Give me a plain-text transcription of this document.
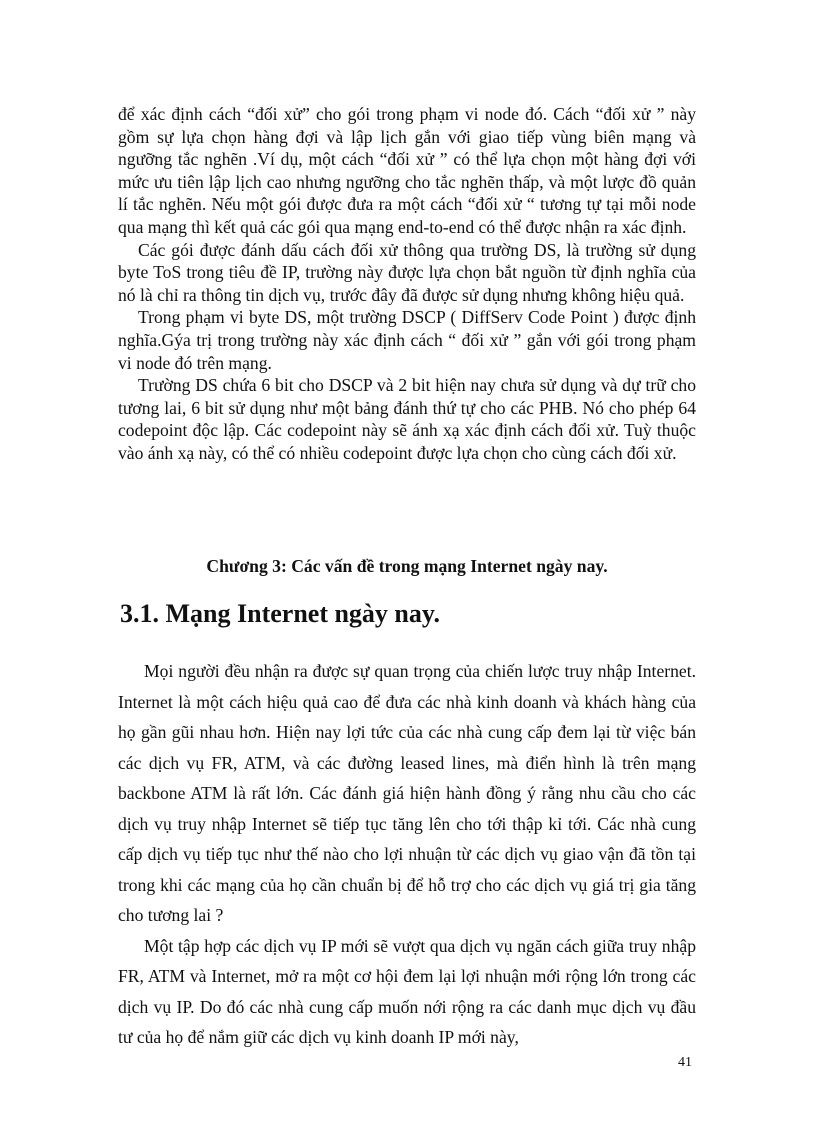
để xác định cách “đối xử” cho gói trong phạm vi node đó. Cách “đối xử ” này gồm sự lựa chọn hàng đợi và lập lịch gắn với giao tiếp vùng biên mạng và ngưỡng tắc nghẽn .Ví dụ, một cách “đối xử ” có thể lựa chọn một hàng đợi với mức ưu tiên lập lịch cao nhưng ngưỡng cho tắc nghẽn thấp, và một lược đồ quản lí tắc nghẽn. Nếu một gói được đưa ra một cách “đối xử “ tương tự tại mỗi node qua mạng thì kết quả các gói qua mạng end-to-end có thể được nhận ra xác định.

Các gói được đánh dấu cách đối xử thông qua trường DS, là trường sử dụng byte ToS trong tiêu đề IP, trường này được lựa chọn bắt nguồn từ định nghĩa của nó là chỉ ra thông tin dịch vụ, trước đây đã được sử dụng nhưng không hiệu quả.

Trong phạm vi byte DS, một trường DSCP ( DiffServ Code Point ) được định nghĩa.Gýa trị trong trường này xác định cách “ đối xử ” gắn với gói trong phạm vi node đó trên mạng.

Trường DS chứa 6 bit cho DSCP và 2 bit hiện nay chưa sử dụng và dự trữ cho tương lai, 6 bit sử dụng như một bảng đánh thứ tự cho các PHB. Nó cho phép 64 codepoint độc lập. Các codepoint này sẽ ánh xạ xác định cách đối xử. Tuỳ thuộc vào ánh xạ này, có thể có nhiều codepoint được lựa chọn cho cùng cách đối xử.

Chương 3: Các vấn đề trong mạng Internet ngày nay.
3.1. Mạng Internet ngày nay.

Mọi người đều nhận ra được sự quan trọng của chiến lược truy nhập Internet. Internet là một cách hiệu quả cao để đưa các nhà kinh doanh và khách hàng của họ gần gũi nhau hơn. Hiện nay lợi tức của các nhà cung cấp đem lại từ việc bán các dịch vụ FR, ATM, và các đường leased lines, mà điển hình là trên mạng backbone ATM là rất lớn. Các đánh giá hiện hành đồng ý rằng nhu cầu cho các dịch vụ truy nhập Internet sẽ tiếp tục tăng lên cho tới thập kỉ tới. Các nhà cung cấp dịch vụ tiếp tục như thế nào cho lợi nhuận từ các dịch vụ giao vận đã tồn tại trong khi các mạng của họ cần chuẩn bị để hỗ trợ cho các dịch vụ giá trị gia tăng cho tương lai ?

Một tập hợp các dịch vụ IP mới sẽ vượt qua dịch vụ ngăn cách giữa truy nhập FR, ATM và Internet, mở ra một cơ hội đem lại lợi nhuận mới rộng lớn trong các dịch vụ IP. Do đó các nhà cung cấp muốn nới rộng ra các danh mục dịch vụ đầu tư của họ để nắm giữ các dịch vụ kinh doanh IP mới này,

41
